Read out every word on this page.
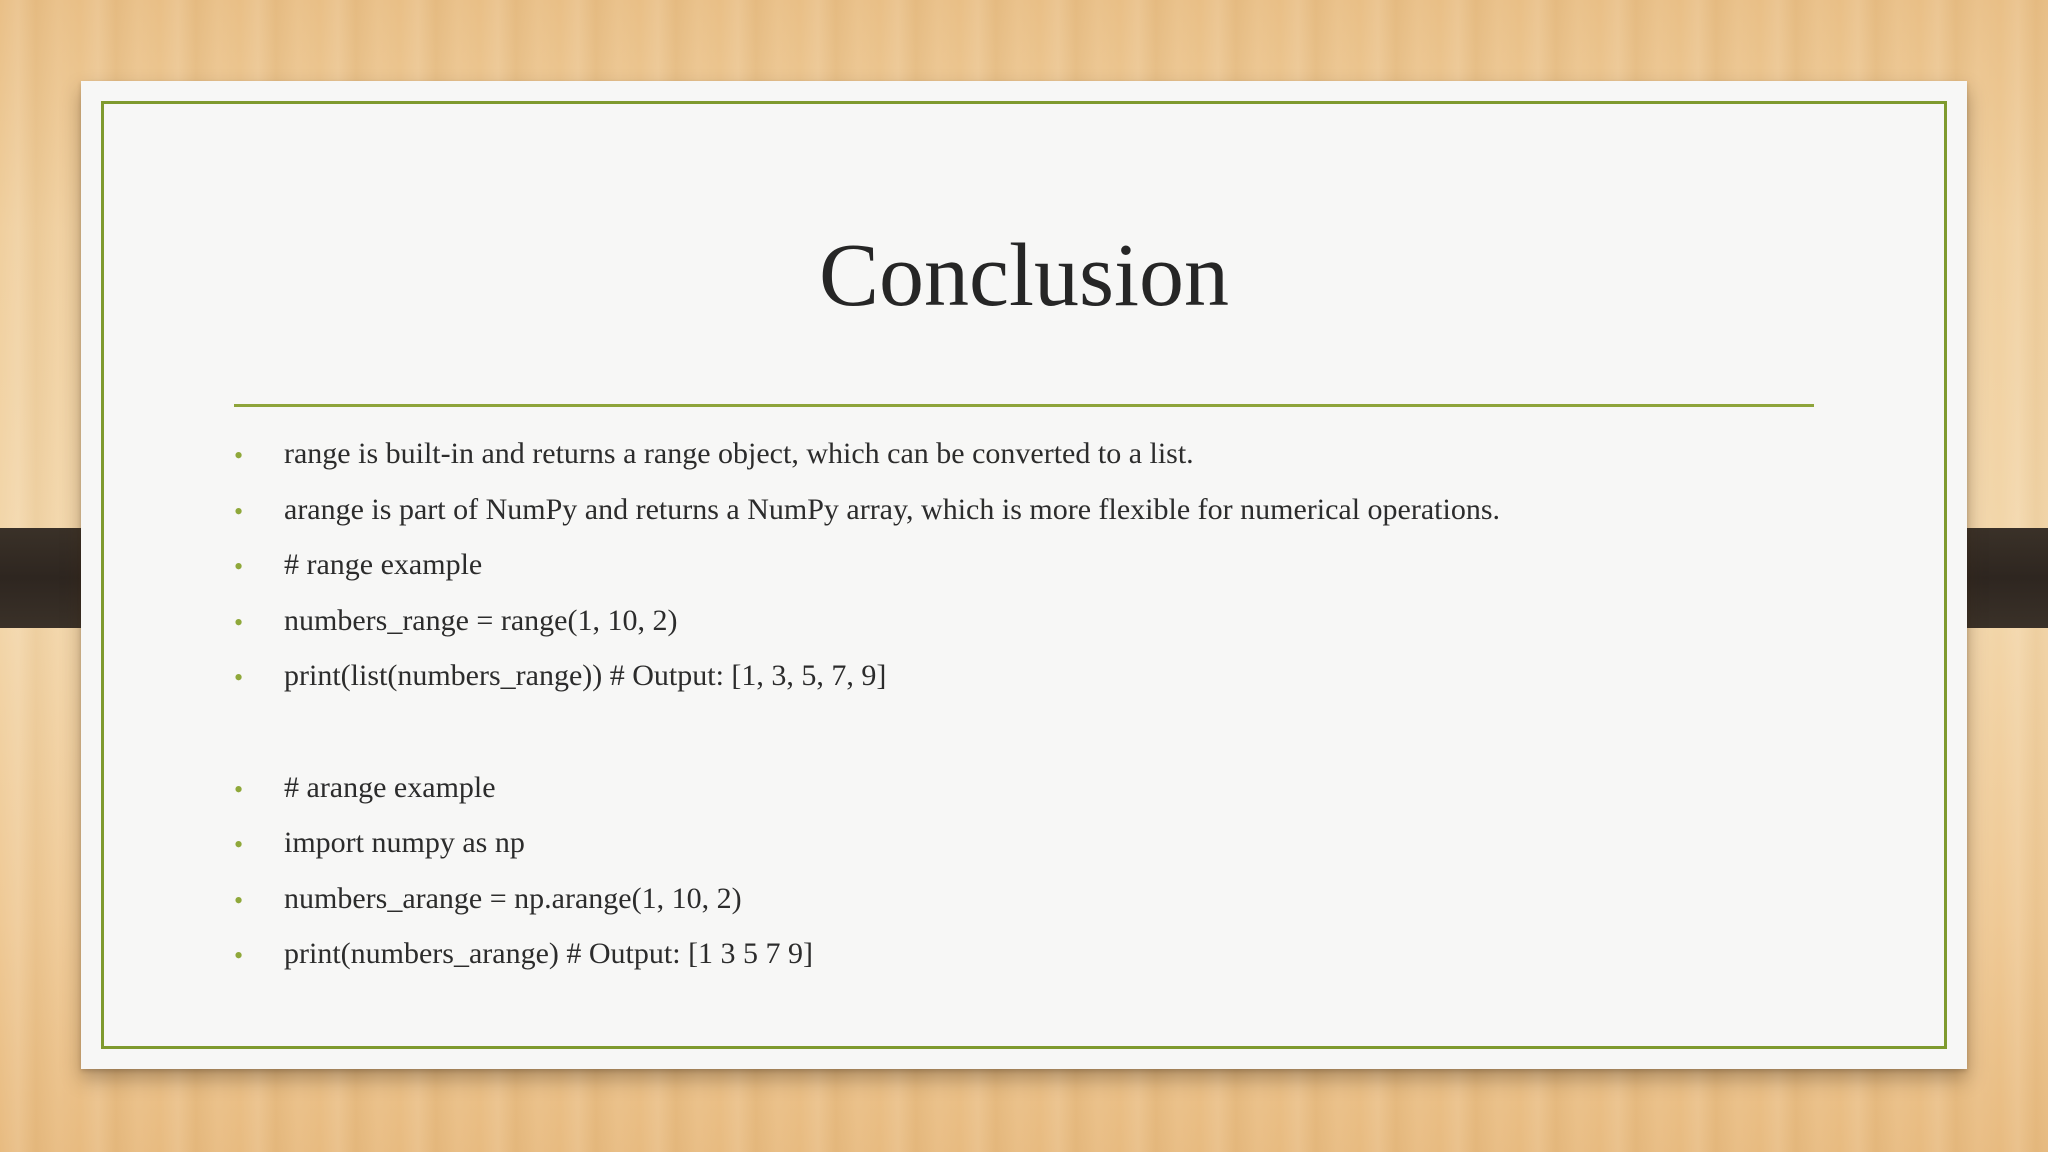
Conclusion
• range is built-in and returns a range object, which can be converted to a list.
• arange is part of NumPy and returns a NumPy array, which is more flexible for numerical operations.
• # range example
• numbers_range = range(1, 10, 2)
• print(list(numbers_range)) # Output: [1, 3, 5, 7, 9]
• # arange example
• import numpy as np
• numbers_arange = np.arange(1, 10, 2)
• print(numbers_arange) # Output: [1 3 5 7 9]
